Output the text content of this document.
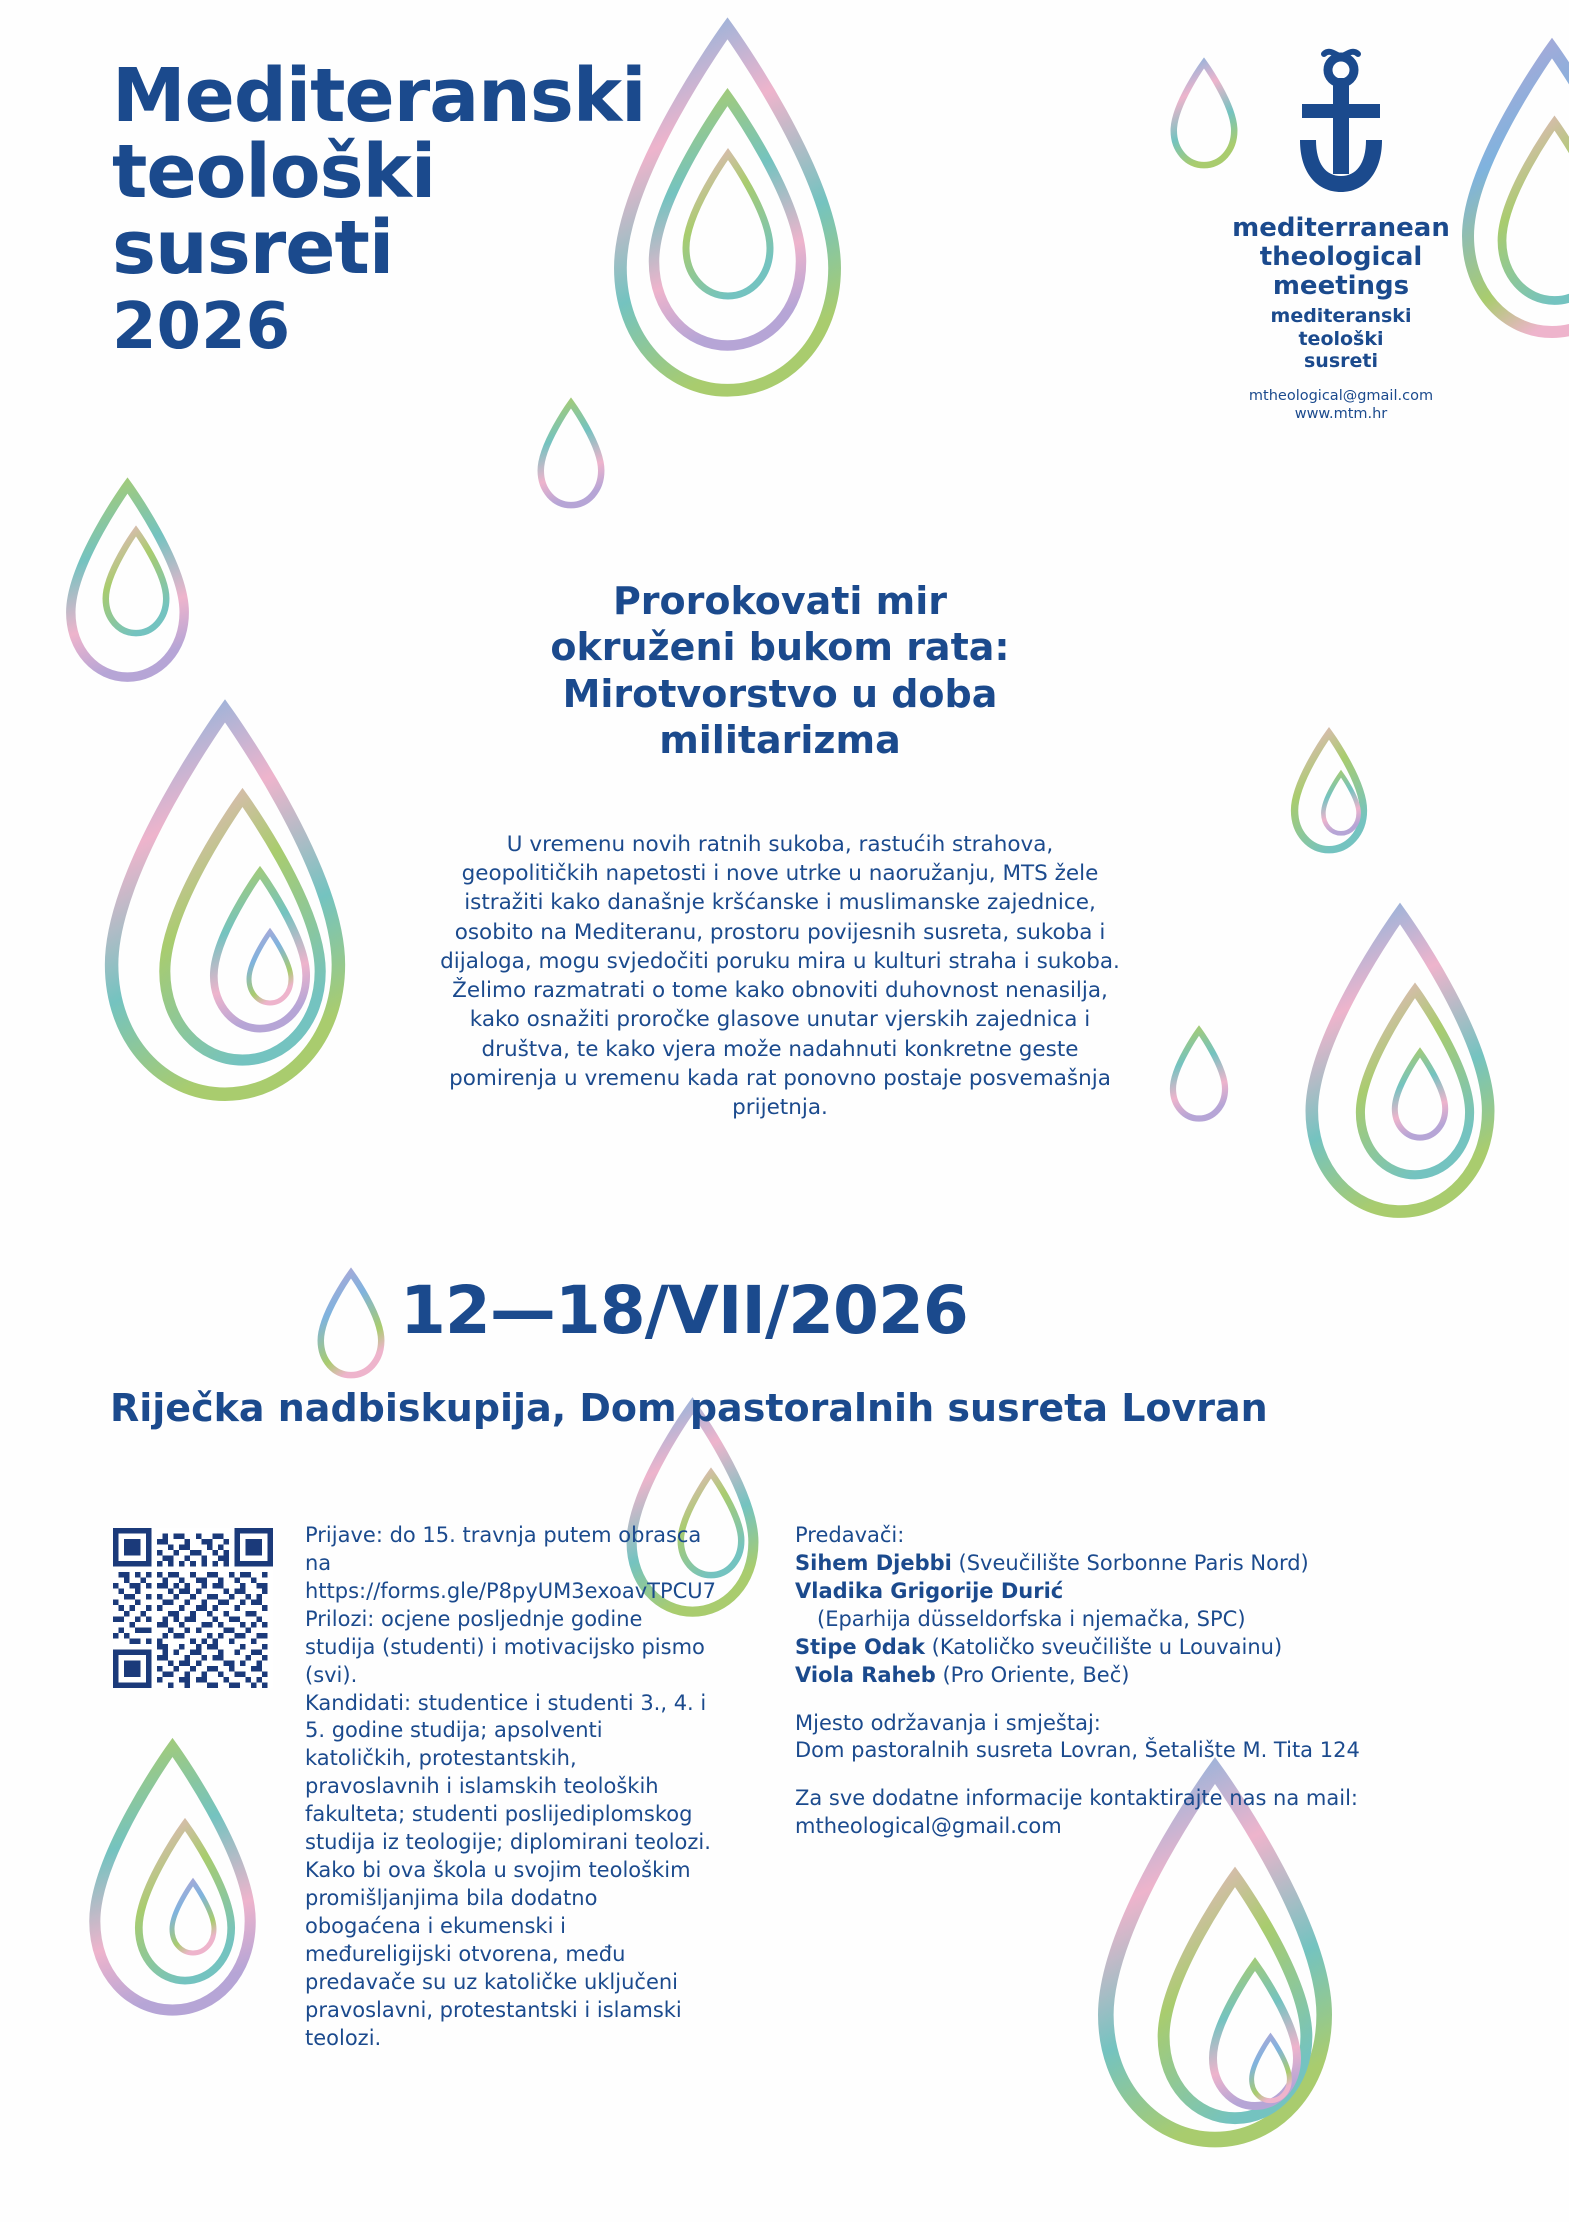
Mediteranski
teološki
susreti
2026
mediterranean
theological
meetings
mediteranski
teološki
susreti
mtheological@gmail.com
www.mtm.hr
Prorokovati mir
okruženi bukom rata:
Mirotvorstvo u doba
militarizma
U vremenu novih ratnih sukoba, rastućih strahova, geopolitičkih napetosti i nove utrke u naoružanju, MTS žele istražiti kako današnje kršćanske i muslimanske zajednice, osobito na Mediteranu, prostoru povijesnih susreta, sukoba i dijaloga, mogu svjedočiti poruku mira u kulturi straha i sukoba. Želimo razmatrati o tome kako obnoviti duhovnost nenasilja, kako osnažiti proročke glasove unutar vjerskih zajednica i društva, te kako vjera može nadahnuti konkretne geste pomirenja u vremenu kada rat ponovno postaje posvemašnja prijetnja.
12—18/VII/2026
Riječka nadbiskupija, Dom pastoralnih susreta Lovran

Prijave: do 15. travnja putem obrasca na https://forms.gle/P8pyUM3exoavTPCU7

Prilozi: ocjene posljednje godine studija (studenti) i motivacijsko pismo (svi).

Kandidati: studentice i studenti 3., 4. i 5. godine studija; apsolventi katoličkih, protestantskih, pravoslavnih i islamskih teoloških fakulteta; studenti poslijediplomskog studija iz teologije; diplomirani teolozi. Kako bi ova škola u svojim teološkim promišljanjima bila dodatno obogaćena i ekumenski i međureligijski otvorena, među predavače su uz katoličke uključeni pravoslavni, protestantski i islamski teolozi.

Predavači:
Sihem Djebbi (Sveučilište Sorbonne Paris Nord)
Vladika Grigorije Durić
(Eparhija düsseldorfska i njemačka, SPC)
Stipe Odak (Katoličko sveučilište u Louvainu)
Viola Raheb (Pro Oriente, Beč)
Mjesto održavanja i smještaj:
Dom pastoralnih susreta Lovran, Šetalište M. Tita 124
Za sve dodatne informacije kontaktirajte nas na mail:
mtheological@gmail.com
